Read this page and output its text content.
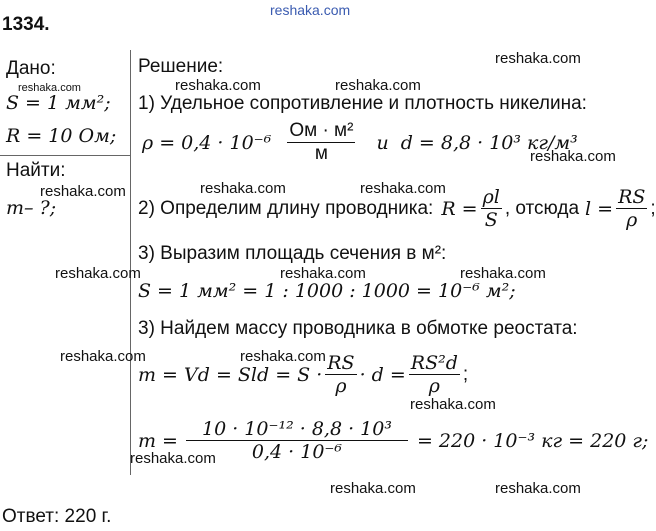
1334.
reshaka.com
Дано:
reshaka.com
S = 1 мм²;
R = 10 Ом;
Найти:
reshaka.com
m– ?;
Решение:	reshaka.com
reshaka.com	reshaka.com
1) Удельное сопротивление и плотность никелина:
$\rho = 0,4 \cdot 10^{-6} \frac{\text{Ом · м²}}{м}$ и d = 8,8 · 10³ кг/м³
reshaka.com
reshaka.com	reshaka.com
2) Определим длину проводника: $R = \frac{\rho l}{S}$ , отсюда $l = \frac{RS}{\rho}$ ;
3) Выразим площадь сечения в м²:
reshaka.com	reshaka.com	reshaka.com
S = 1 мм² = 1 : 1000 : 1000 = 10⁻⁶ м²;
3) Найдем массу проводника в обмотке реостата:
reshaka.com	reshaka.com
m = Vd = Sld = $S \cdot \frac{RS}{\rho} \cdot d = \frac{\text{RS²d}}{\rho}$ ;
reshaka.com
$m = \frac{\text{10 · 10⁻¹² · 8,8 · 10³}}{\text{0,4 · 10⁻⁶}} = 220 \cdot 10^{-3}$ кг = 220 г;
reshaka.com
reshaka.com	reshaka.com
Ответ: 220 г.
